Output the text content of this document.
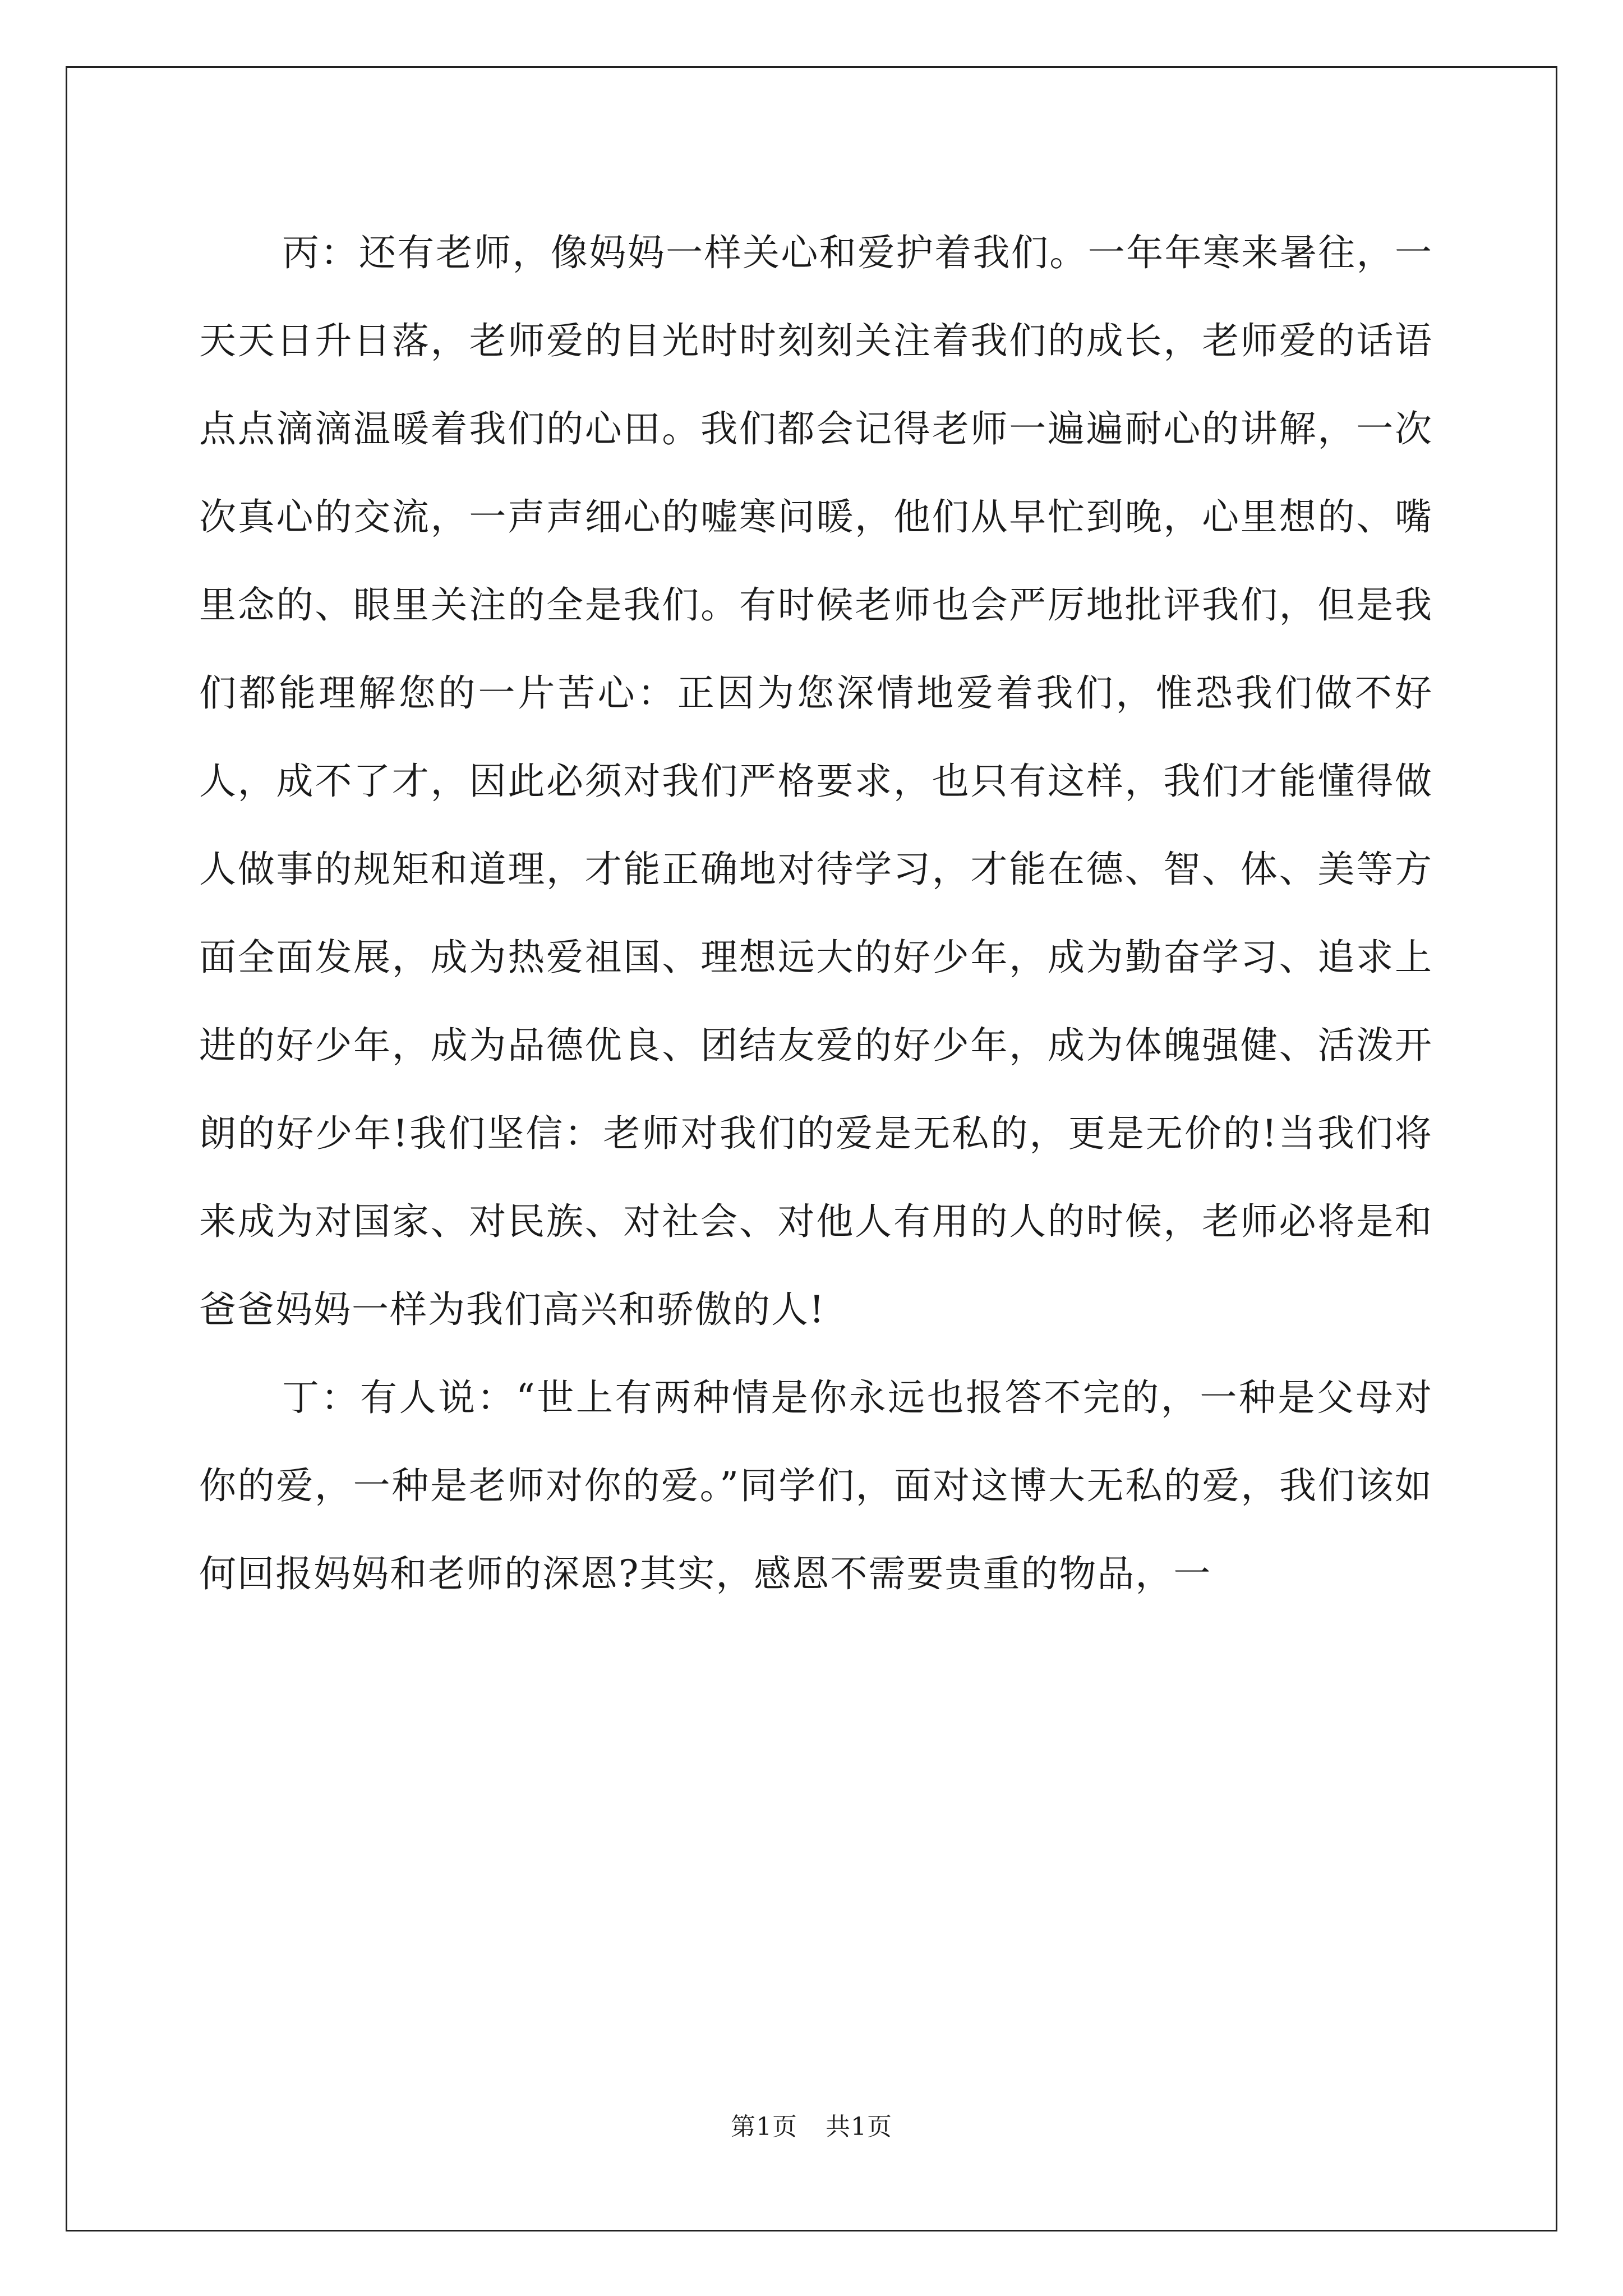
丙：还有老师，像妈妈一样关心和爱护着我们。一年年寒来暑往，一天天日升日落，老师爱的目光时时刻刻关注着我们的成长，老师爱的话语点点滴滴温暖着我们的心田。我们都会记得老师一遍遍耐心的讲解，一次次真心的交流，一声声细心的嘘寒问暖，他们从早忙到晚，心里想的、嘴里念的、眼里关注的全是我们。有时候老师也会严厉地批评我们，但是我们都能理解您的一片苦心：正因为您深情地爱着我们，惟恐我们做不好人，成不了才，因此必须对我们严格要求，也只有这样，我们才能懂得做人做事的规矩和道理，才能正确地对待学习，才能在德、智、体、美等方面全面发展，成为热爱祖国、理想远大的好少年，成为勤奋学习、追求上进的好少年，成为品德优良、团结友爱的好少年，成为体魄强健、活泼开朗的好少年!我们坚信：老师对我们的爱是无私的，更是无价的!当我们将来成为对国家、对民族、对社会、对他人有用的人的时候，老师必将是和爸爸妈妈一样为我们高兴和骄傲的人!

丁：有人说：“世上有两种情是你永远也报答不完的，一种是父母对你的爱，一种是老师对你的爱。”同学们，面对这博大无私的爱，我们该如何回报妈妈和老师的深恩?其实，感恩不需要贵重的物品，一

第1页 共1页
